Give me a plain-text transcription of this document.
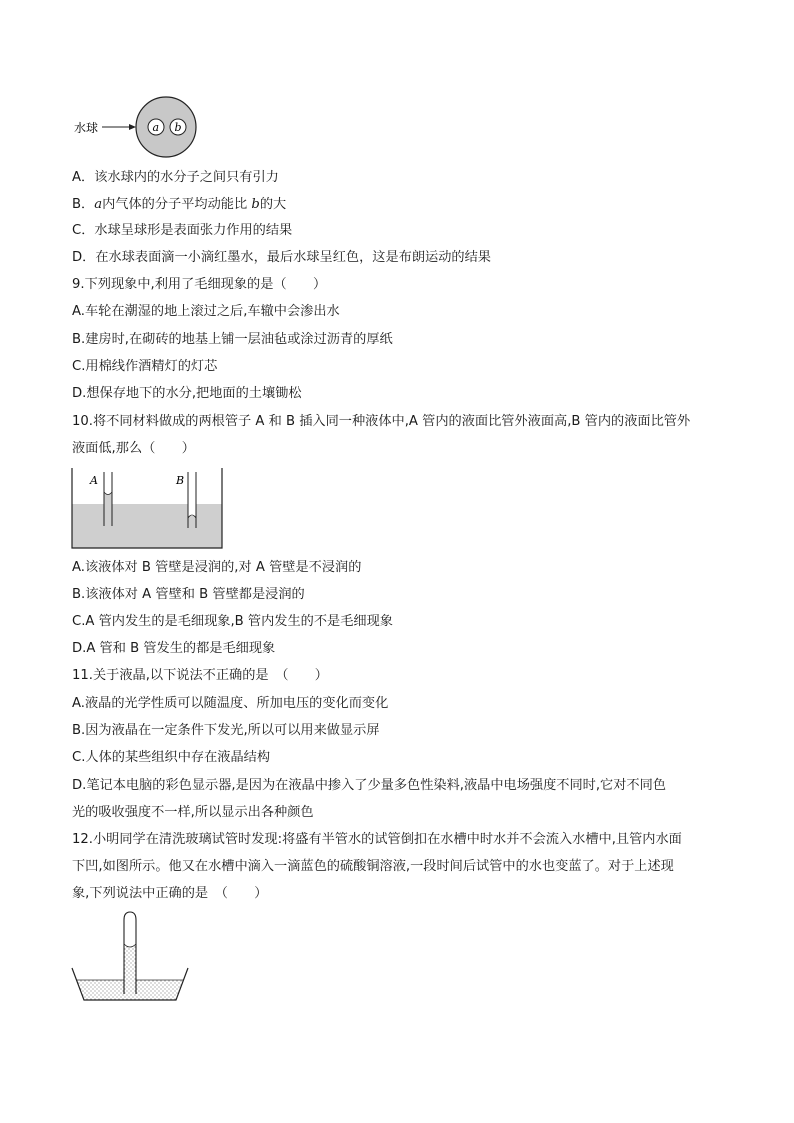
水球	a b
A．该水球内的水分子之间只有引力
B．a内气体的分子平均动能比 b的大
C．水球呈球形是表面张力作用的结果
D．在水球表面滴一小滴红墨水，最后水球呈红色，这是布朗运动的结果
9.下列现象中,利用了毛细现象的是（　　）
A.车轮在潮湿的地上滚过之后,车辙中会渗出水
B.建房时,在砌砖的地基上铺一层油毡或涂过沥青的厚纸
C.用棉线作酒精灯的灯芯
D.想保存地下的水分,把地面的土壤锄松
10.将不同材料做成的两根管子 A 和 B 插入同一种液体中,A 管内的液面比管外液面高,B 管内的液面比管外
液面低,那么（　　）
A	B
A.该液体对 B 管壁是浸润的,对 A 管壁是不浸润的
B.该液体对 A 管壁和 B 管壁都是浸润的
C.A 管内发生的是毛细现象,B 管内发生的不是毛细现象
D.A 管和 B 管发生的都是毛细现象
11.关于液晶,以下说法不正确的是　（　　）
A.液晶的光学性质可以随温度、所加电压的变化而变化
B.因为液晶在一定条件下发光,所以可以用来做显示屏
C.人体的某些组织中存在液晶结构
D.笔记本电脑的彩色显示器,是因为在液晶中掺入了少量多色性染料,液晶中电场强度不同时,它对不同色
光的吸收强度不一样,所以显示出各种颜色
12.小明同学在清洗玻璃试管时发现:将盛有半管水的试管倒扣在水槽中时水并不会流入水槽中,且管内水面
下凹,如图所示。他又在水槽中滴入一滴蓝色的硫酸铜溶液,一段时间后试管中的水也变蓝了。对于上述现
象,下列说法中正确的是　（　　）
